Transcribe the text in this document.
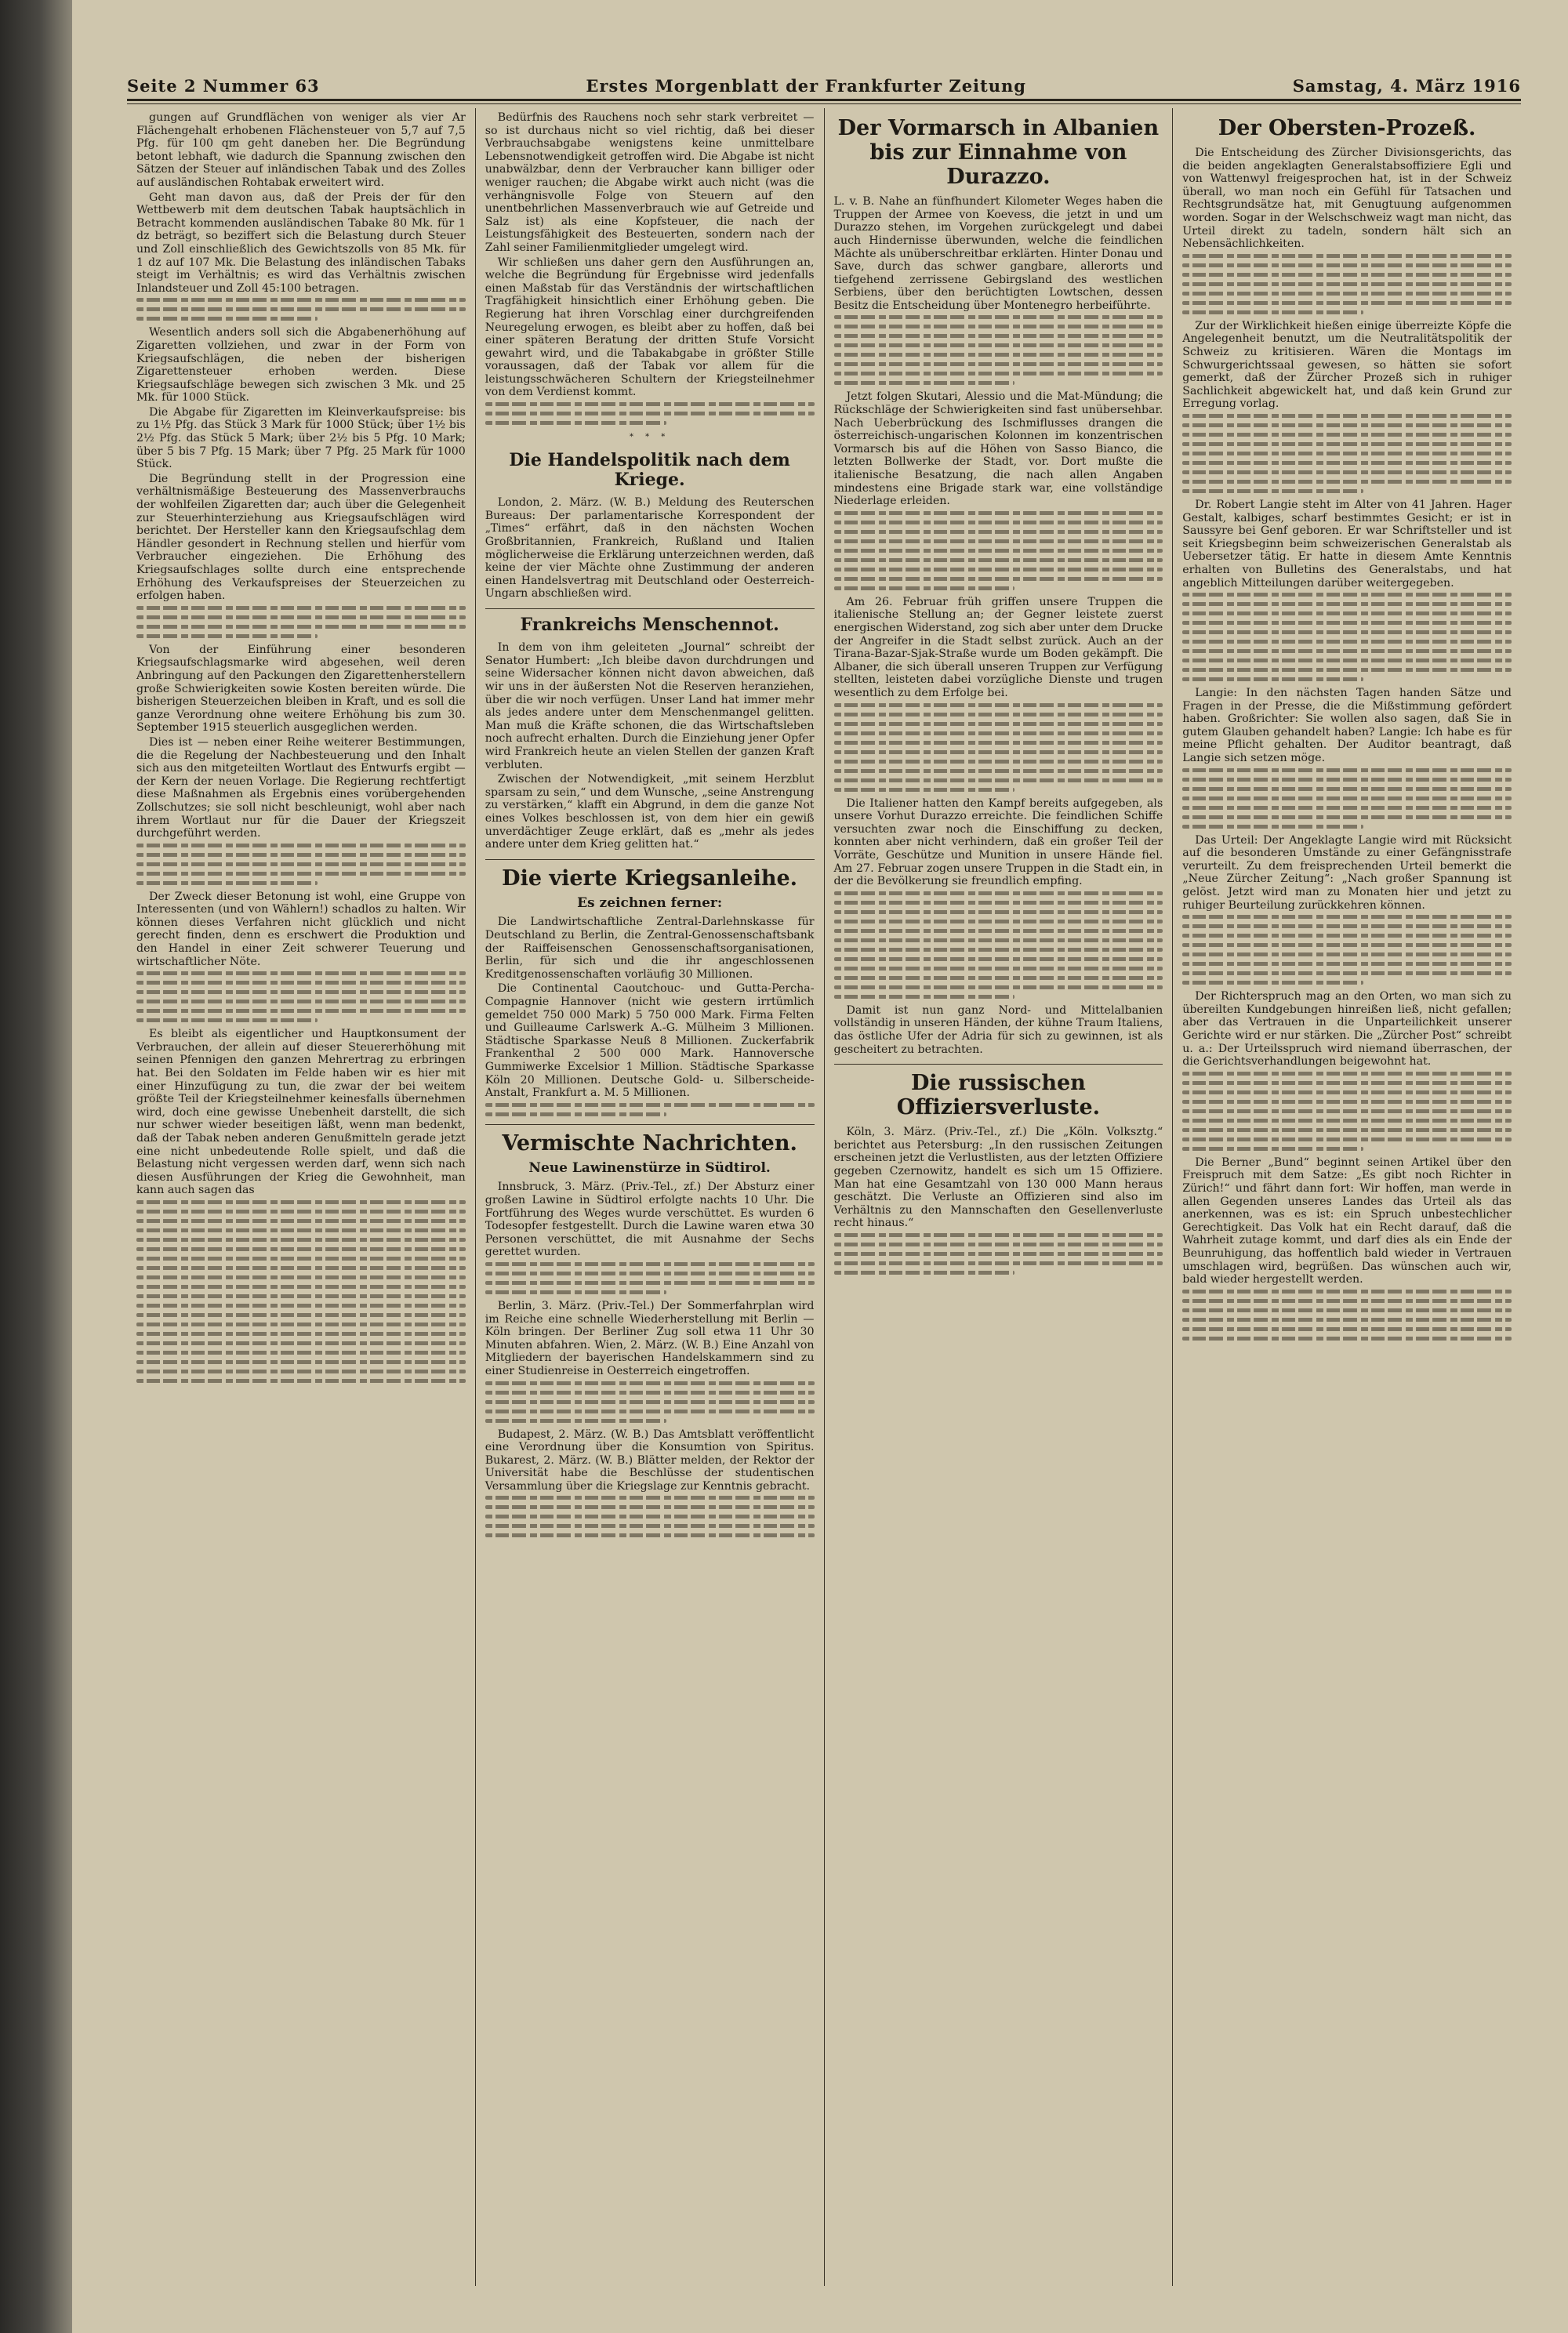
Seite 2 Nummer 63	Erstes Morgenblatt der Frankfurter Zeitung	Samstag, 4. März 1916

gungen auf Grundflächen von weniger als vier Ar Flächengehalt erhobenen Flächensteuer von 5,7 auf 7,5 Pfg. für 100 qm geht daneben her. Die Begründung betont lebhaft, wie dadurch die Spannung zwischen den Sätzen der Steuer auf inländischen Tabak und des Zolles auf ausländischen Rohtabak erweitert wird.

Geht man davon aus, daß der Preis der für den Wettbewerb mit dem deutschen Tabak hauptsächlich in Betracht kommenden ausländischen Tabake 80 Mk. für 1 dz beträgt, so beziffert sich die Belastung durch Steuer und Zoll einschließlich des Gewichtszolls von 85 Mk. für 1 dz auf 107 Mk. Die Belastung des inländischen Tabaks steigt im Verhältnis; es wird das Verhältnis zwischen Inlandsteuer und Zoll 45:100 betragen.

Wesentlich anders soll sich die Abgabenerhöhung auf Zigaretten vollziehen, und zwar in der Form von Kriegsaufschlägen, die neben der bisherigen Zigarettensteuer erhoben werden. Diese Kriegsaufschläge bewegen sich zwischen 3 Mk. und 25 Mk. für 1000 Stück.

Die Abgabe für Zigaretten im Kleinverkaufspreise: bis zu 1½ Pfg. das Stück 3 Mark für 1000 Stück; über 1½ bis 2½ Pfg. das Stück 5 Mark; über 2½ bis 5 Pfg. 10 Mark; über 5 bis 7 Pfg. 15 Mark; über 7 Pfg. 25 Mark für 1000 Stück.

Die Begründung stellt in der Progression eine verhältnismäßige Besteuerung des Massenverbrauchs der wohlfeilen Zigaretten dar; auch über die Gelegenheit zur Steuerhinterziehung aus Kriegsaufschlägen wird berichtet. Der Hersteller kann den Kriegsaufschlag dem Händler gesondert in Rechnung stellen und hierfür vom Verbraucher eingeziehen. Die Erhöhung des Kriegsaufschlages sollte durch eine entsprechende Erhöhung des Verkaufspreises der Steuerzeichen zu erfolgen haben.

Von der Einführung einer besonderen Kriegsaufschlagsmarke wird abgesehen, weil deren Anbringung auf den Packungen den Zigarettenherstellern große Schwierigkeiten sowie Kosten bereiten würde. Die bisherigen Steuerzeichen bleiben in Kraft, und es soll die ganze Verordnung ohne weitere Erhöhung bis zum 30. September 1915 steuerlich ausgeglichen werden.

Dies ist — neben einer Reihe weiterer Bestimmungen, die die Regelung der Nachbesteuerung und den Inhalt sich aus den mitgeteilten Wortlaut des Entwurfs ergibt — der Kern der neuen Vorlage. Die Regierung rechtfertigt diese Maßnahmen als Ergebnis eines vorübergehenden Zollschutzes; sie soll nicht beschleunigt, wohl aber nach ihrem Wortlaut nur für die Dauer der Kriegszeit durchgeführt werden.

Der Zweck dieser Betonung ist wohl, eine Gruppe von Interessenten (und von Wählern!) schadlos zu halten. Wir können dieses Verfahren nicht glücklich und nicht gerecht finden, denn es erschwert die Produktion und den Handel in einer Zeit schwerer Teuerung und wirtschaftlicher Nöte.

Es bleibt als eigentlicher und Hauptkonsument der Verbrauchen, der allein auf dieser Steuererhöhung mit seinen Pfennigen den ganzen Mehrertrag zu erbringen hat. Bei den Soldaten im Felde haben wir es hier mit einer Hinzufügung zu tun, die zwar der bei weitem größte Teil der Kriegsteilnehmer keinesfalls übernehmen wird, doch eine gewisse Unebenheit darstellt, die sich nur schwer wieder beseitigen läßt, wenn man bedenkt, daß der Tabak neben anderen Genußmitteln gerade jetzt eine nicht unbedeutende Rolle spielt, und daß die Belastung nicht vergessen werden darf, wenn sich nach diesen Ausführungen der Krieg die Gewohnheit, man kann auch sagen das

Bedürfnis des Rauchens noch sehr stark verbreitet — so ist durchaus nicht so viel richtig, daß bei dieser Verbrauchsabgabe wenigstens keine unmittelbare Lebensnotwendigkeit getroffen wird. Die Abgabe ist nicht unabwälzbar, denn der Verbraucher kann billiger oder weniger rauchen; die Abgabe wirkt auch nicht (was die verhängnisvolle Folge von Steuern auf den unentbehrlichen Massenverbrauch wie auf Getreide und Salz ist) als eine Kopfsteuer, die nach der Leistungsfähigkeit des Besteuerten, sondern nach der Zahl seiner Familienmitglieder umgelegt wird.

Wir schließen uns daher gern den Ausführungen an, welche die Begründung für Ergebnisse wird jedenfalls einen Maßstab für das Verständnis der wirtschaftlichen Tragfähigkeit hinsichtlich einer Erhöhung geben. Die Regierung hat ihren Vorschlag einer durchgreifenden Neuregelung erwogen, es bleibt aber zu hoffen, daß bei einer späteren Beratung der dritten Stufe Vorsicht gewahrt wird, und die Tabakabgabe in größter Stille voraussagen, daß der Tabak vor allem für die leistungsschwächeren Schultern der Kriegsteilnehmer von dem Verdienst kommt.

* * *
Die Handelspolitik nach dem Kriege.

London, 2. März. (W. B.) Meldung des Reuterschen Bureaus: Der parlamentarische Korrespondent der „Times“ erfährt, daß in den nächsten Wochen Großbritannien, Frankreich, Rußland und Italien möglicherweise die Erklärung unterzeichnen werden, daß keine der vier Mächte ohne Zustimmung der anderen einen Handelsvertrag mit Deutschland oder Oesterreich-Ungarn abschließen wird.

Frankreichs Menschennot.

In dem von ihm geleiteten „Journal“ schreibt der Senator Humbert: „Ich bleibe davon durchdrungen und seine Widersacher können nicht davon abweichen, daß wir uns in der äußersten Not die Reserven heranziehen, über die wir noch verfügen. Unser Land hat immer mehr als jedes andere unter dem Menschenmangel gelitten. Man muß die Kräfte schonen, die das Wirtschaftsleben noch aufrecht erhalten. Durch die Einziehung jener Opfer wird Frankreich heute an vielen Stellen der ganzen Kraft verbluten.

Zwischen der Notwendigkeit, „mit seinem Herzblut sparsam zu sein,“ und dem Wunsche, „seine Anstrengung zu verstärken,“ klafft ein Abgrund, in dem die ganze Not eines Volkes beschlossen ist, von dem hier ein gewiß unverdächtiger Zeuge erklärt, daß es „mehr als jedes andere unter dem Krieg gelitten hat.“

Die vierte Kriegsanleihe.
Es zeichnen ferner:

Die Landwirtschaftliche Zentral-Darlehnskasse für Deutschland zu Berlin, die Zentral-Genossenschaftsbank der Raiffeisenschen Genossenschaftsorganisationen, Berlin, für sich und die ihr angeschlossenen Kreditgenossenschaften vorläufig 30 Millionen.

Die Continental Caoutchouc- und Gutta-Percha-Compagnie Hannover (nicht wie gestern irrtümlich gemeldet 750 000 Mark) 5 750 000 Mark. Firma Felten und Guilleaume Carlswerk A.-G. Mülheim 3 Millionen. Städtische Sparkasse Neuß 8 Millionen. Zuckerfabrik Frankenthal 2 500 000 Mark. Hannoversche Gummiwerke Excelsior 1 Million. Städtische Sparkasse Köln 20 Millionen. Deutsche Gold- u. Silberscheide-Anstalt, Frankfurt a. M. 5 Millionen.

Vermischte Nachrichten.
Neue Lawinenstürze in Südtirol.

Innsbruck, 3. März. (Priv.-Tel., zf.) Der Absturz einer großen Lawine in Südtirol erfolgte nachts 10 Uhr. Die Fortführung des Weges wurde verschüttet. Es wurden 6 Todesopfer festgestellt. Durch die Lawine waren etwa 30 Personen verschüttet, die mit Ausnahme der Sechs gerettet wurden.

Berlin, 3. März. (Priv.-Tel.) Der Sommerfahrplan wird im Reiche eine schnelle Wiederherstellung mit Berlin — Köln bringen. Der Berliner Zug soll etwa 11 Uhr 30 Minuten abfahren. Wien, 2. März. (W. B.) Eine Anzahl von Mitgliedern der bayerischen Handelskammern sind zu einer Studienreise in Oesterreich eingetroffen.

Budapest, 2. März. (W. B.) Das Amtsblatt veröffentlicht eine Verordnung über die Konsumtion von Spiritus. Bukarest, 2. März. (W. B.) Blätter melden, der Rektor der Universität habe die Beschlüsse der studentischen Versammlung über die Kriegslage zur Kenntnis gebracht.

Der Vormarsch in Albanien bis zur Einnahme von Durazzo.

L. v. B. Nahe an fünfhundert Kilometer Weges haben die Truppen der Armee von Koevess, die jetzt in und um Durazzo stehen, im Vorgehen zurückgelegt und dabei auch Hindernisse überwunden, welche die feindlichen Mächte als unüberschreitbar erklärten. Hinter Donau und Save, durch das schwer gangbare, allerorts und tiefgehend zerrissene Gebirgsland des westlichen Serbiens, über den berüchtigten Lowtschen, dessen Besitz die Entscheidung über Montenegro herbeiführte.

Jetzt folgen Skutari, Alessio und die Mat-Mündung; die Rückschläge der Schwierigkeiten sind fast unübersehbar. Nach Ueberbrückung des Ischmiflusses drangen die österreichisch-ungarischen Kolonnen im konzentrischen Vormarsch bis auf die Höhen von Sasso Bianco, die letzten Bollwerke der Stadt, vor. Dort mußte die italienische Besatzung, die nach allen Angaben mindestens eine Brigade stark war, eine vollständige Niederlage erleiden.

Am 26. Februar früh griffen unsere Truppen die italienische Stellung an; der Gegner leistete zuerst energischen Widerstand, zog sich aber unter dem Drucke der Angreifer in die Stadt selbst zurück. Auch an der Tirana-Bazar-Sjak-Straße wurde um Boden gekämpft. Die Albaner, die sich überall unseren Truppen zur Verfügung stellten, leisteten dabei vorzügliche Dienste und trugen wesentlich zu dem Erfolge bei.

Die Italiener hatten den Kampf bereits aufgegeben, als unsere Vorhut Durazzo erreichte. Die feindlichen Schiffe versuchten zwar noch die Einschiffung zu decken, konnten aber nicht verhindern, daß ein großer Teil der Vorräte, Geschütze und Munition in unsere Hände fiel. Am 27. Februar zogen unsere Truppen in die Stadt ein, in der die Bevölkerung sie freundlich empfing.

Damit ist nun ganz Nord- und Mittelalbanien vollständig in unseren Händen, der kühne Traum Italiens, das östliche Ufer der Adria für sich zu gewinnen, ist als gescheitert zu betrachten.

Die russischen Offiziersverluste.

Köln, 3. März. (Priv.-Tel., zf.) Die „Köln. Volksztg.“ berichtet aus Petersburg: „In den russischen Zeitungen erscheinen jetzt die Verlustlisten, aus der letzten Offiziere gegeben Czernowitz, handelt es sich um 15 Offiziere. Man hat eine Gesamtzahl von 130 000 Mann heraus geschätzt. Die Verluste an Offizieren sind also im Verhältnis zu den Mannschaften den Gesellenverluste recht hinaus.“

Der Obersten-Prozeß.

Die Entscheidung des Zürcher Divisionsgerichts, das die beiden angeklagten Generalstabsoffiziere Egli und von Wattenwyl freigesprochen hat, ist in der Schweiz überall, wo man noch ein Gefühl für Tatsachen und Rechtsgrundsätze hat, mit Genugtuung aufgenommen worden. Sogar in der Welschschweiz wagt man nicht, das Urteil direkt zu tadeln, sondern hält sich an Nebensächlichkeiten.

Zur der Wirklichkeit hießen einige überreizte Köpfe die Angelegenheit benutzt, um die Neutralitätspolitik der Schweiz zu kritisieren. Wären die Montags im Schwurgerichtssaal gewesen, so hätten sie sofort gemerkt, daß der Zürcher Prozeß sich in ruhiger Sachlichkeit abgewickelt hat, und daß kein Grund zur Erregung vorlag.

Dr. Robert Langie steht im Alter von 41 Jahren. Hager Gestalt, kalbiges, scharf bestimmtes Gesicht; er ist in Saussyre bei Genf geboren. Er war Schriftsteller und ist seit Kriegsbeginn beim schweizerischen Generalstab als Uebersetzer tätig. Er hatte in diesem Amte Kenntnis erhalten von Bulletins des Generalstabs, und hat angeblich Mitteilungen darüber weitergegeben.

Langie: In den nächsten Tagen handen Sätze und Fragen in der Presse, die die Mißstimmung gefördert haben. Großrichter: Sie wollen also sagen, daß Sie in gutem Glauben gehandelt haben? Langie: Ich habe es für meine Pflicht gehalten. Der Auditor beantragt, daß Langie sich setzen möge.

Das Urteil: Der Angeklagte Langie wird mit Rücksicht auf die besonderen Umstände zu einer Gefängnisstrafe verurteilt. Zu dem freisprechenden Urteil bemerkt die „Neue Zürcher Zeitung“: „Nach großer Spannung ist gelöst. Jetzt wird man zu Monaten hier und jetzt zu ruhiger Beurteilung zurückkehren können.

Der Richterspruch mag an den Orten, wo man sich zu übereilten Kundgebungen hinreißen ließ, nicht gefallen; aber das Vertrauen in die Unparteilichkeit unserer Gerichte wird er nur stärken. Die „Zürcher Post“ schreibt u. a.: Der Urteilsspruch wird niemand überraschen, der die Gerichtsverhandlungen beigewohnt hat.

Die Berner „Bund“ beginnt seinen Artikel über den Freispruch mit dem Satze: „Es gibt noch Richter in Zürich!“ und fährt dann fort: Wir hoffen, man werde in allen Gegenden unseres Landes das Urteil als das anerkennen, was es ist: ein Spruch unbestechlicher Gerechtigkeit. Das Volk hat ein Recht darauf, daß die Wahrheit zutage kommt, und darf dies als ein Ende der Beunruhigung, das hoffentlich bald wieder in Vertrauen umschlagen wird, begrüßen. Das wünschen auch wir, bald wieder hergestellt werden.
